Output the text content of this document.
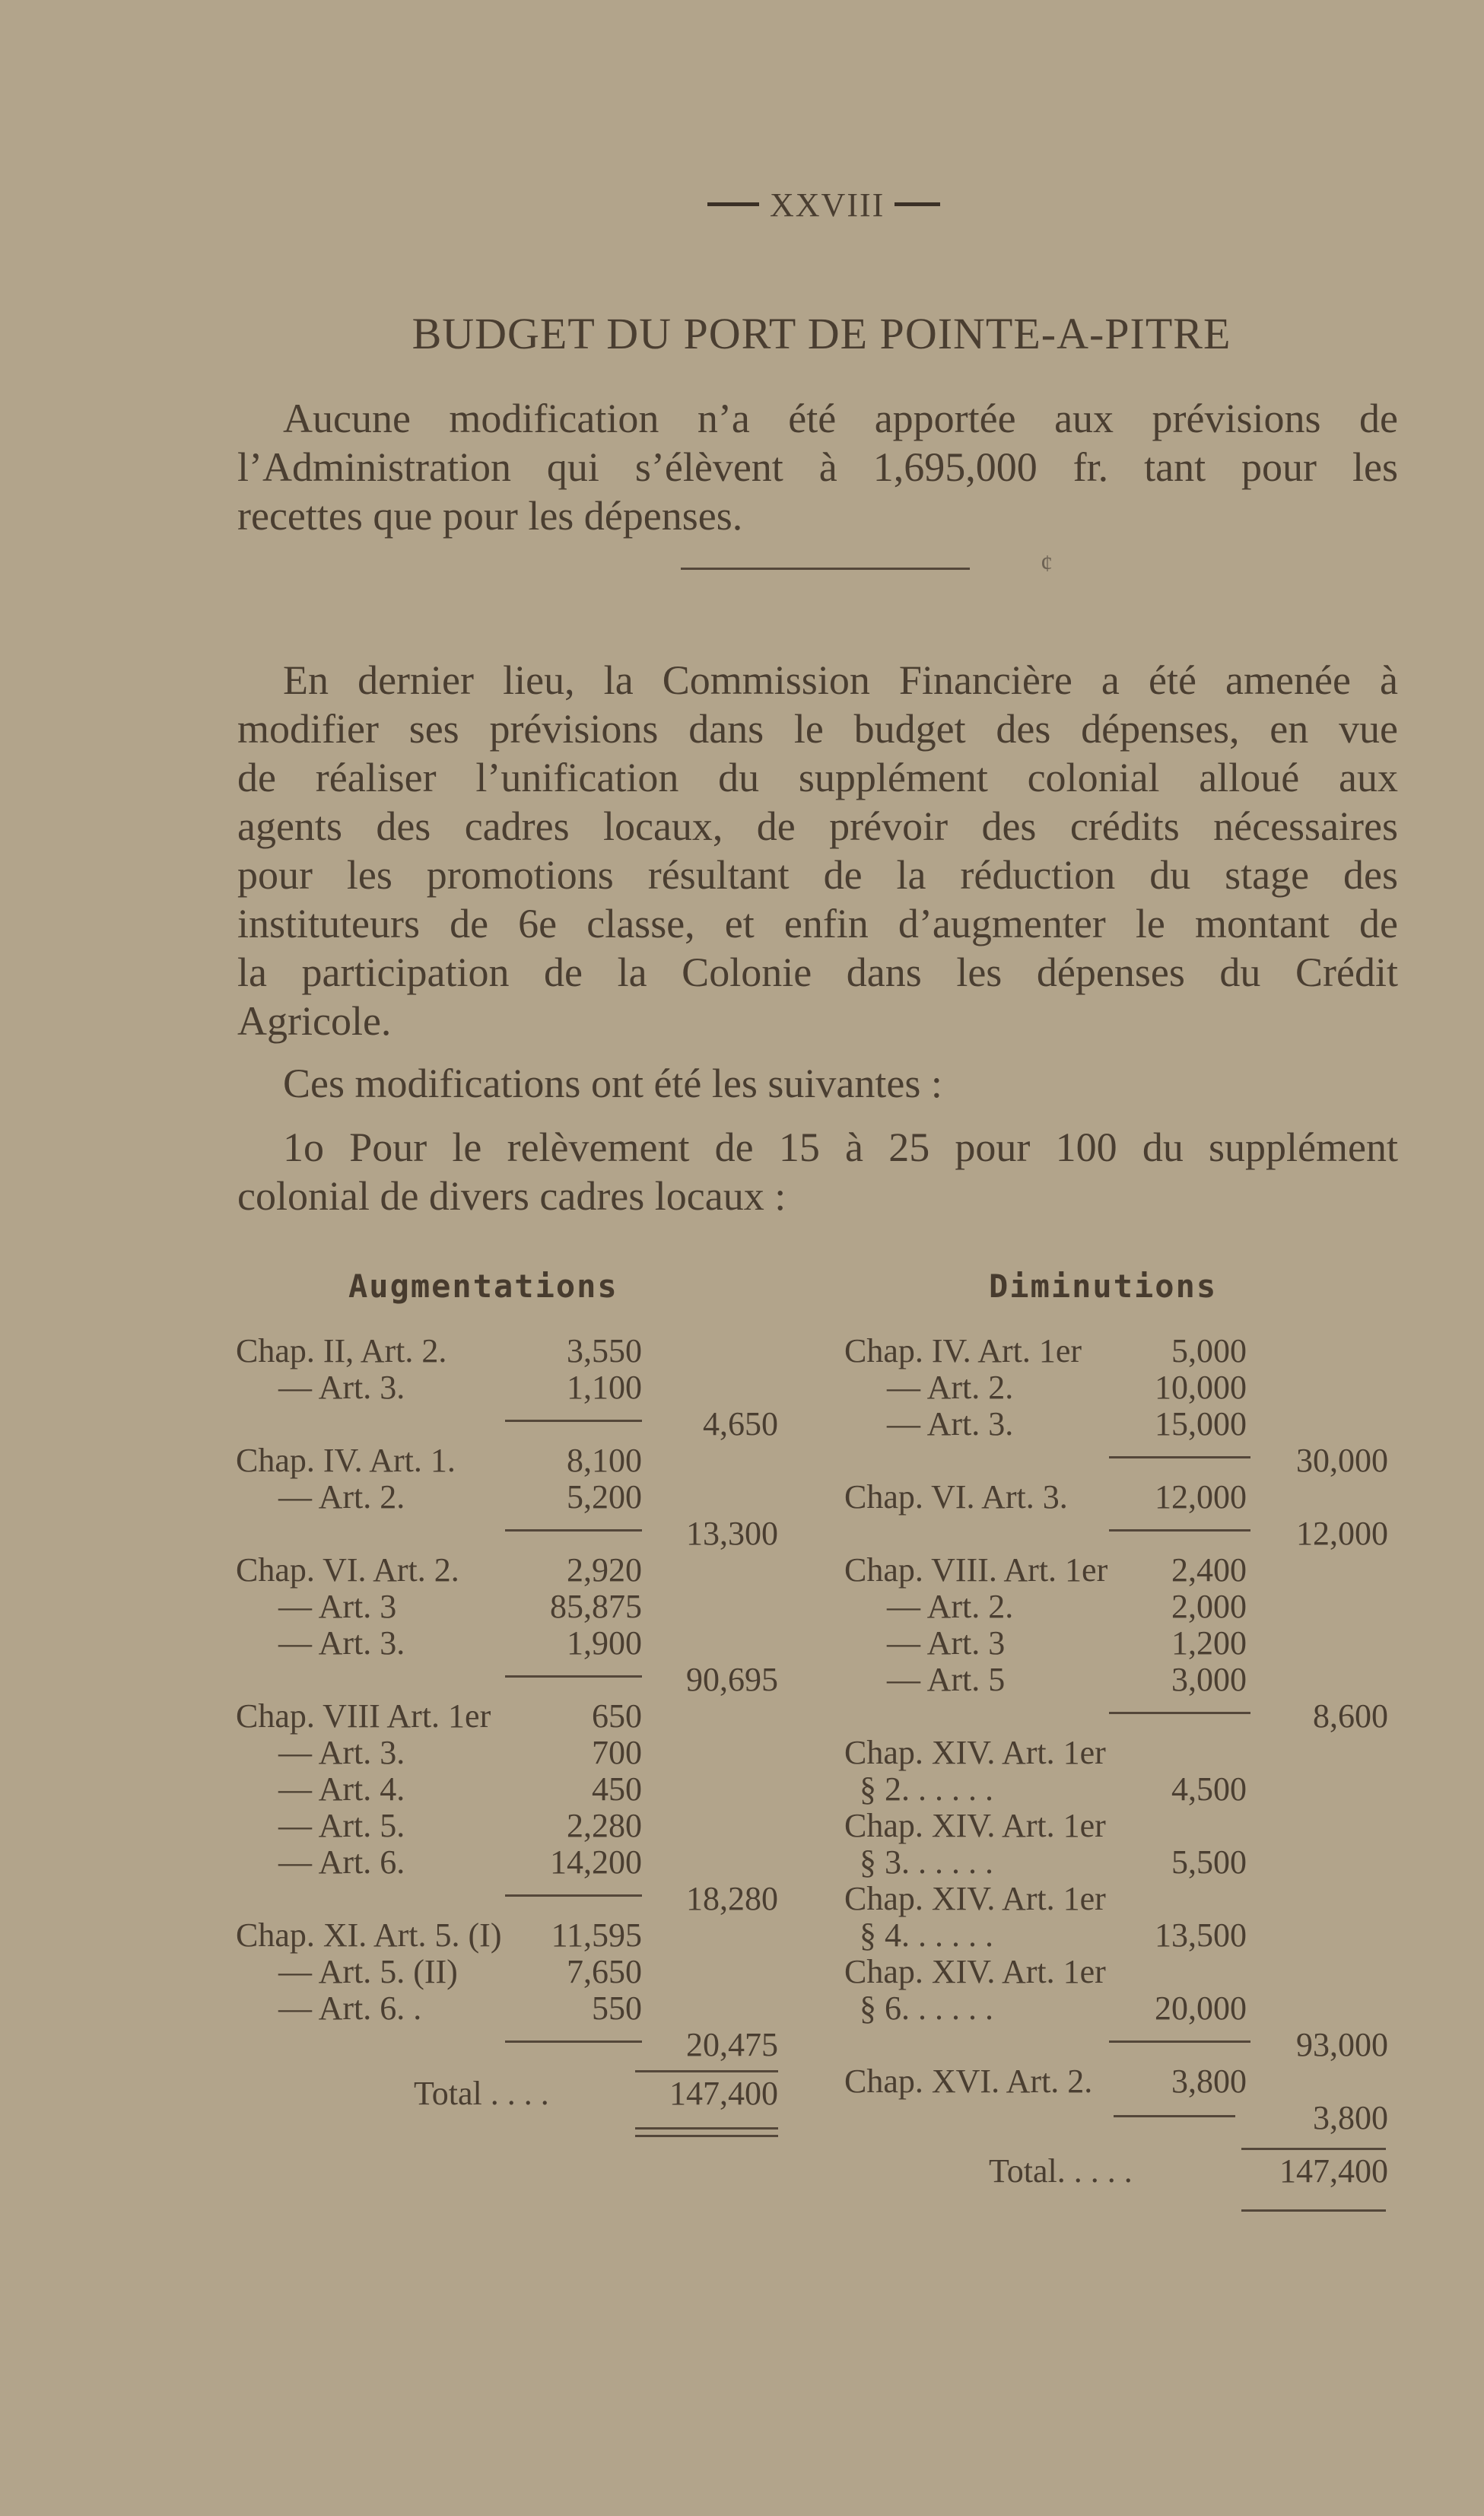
XXVIII
BUDGET DU PORT DE POINTE-A-PITRE

Aucune modification n’a été apportée aux prévisions de

l’Administration qui s’élèvent à 1,695,000 fr. tant pour les

recettes que pour les dépenses.

¢

En dernier lieu, la Commission Financière a été amenée à

modifier ses prévisions dans le budget des dépenses, en vue

de réaliser l’unification du supplément colonial alloué aux

agents des cadres locaux, de prévoir des crédits nécessaires

pour les promotions résultant de la réduction du stage des

instituteurs de 6e classe, et enfin d’augmenter le montant de

la participation de la Colonie dans les dépenses du Crédit

Agricole.

Ces modifications ont été les suivantes :

1o Pour le relèvement de 15 à 25 pour 100 du supplément

colonial de divers cadres locaux :

Augmentations	Diminutions
Chap. II, Art. 2.	3,550
— Art. 3.	1,100
4,650
Chap. IV. Art. 1.	8,100
— Art. 2.	5,200
13,300
Chap. VI. Art. 2.	2,920
— Art. 3	85,875
— Art. 3.	1,900
90,695
Chap. VIII Art. 1er	650
— Art. 3.	700
— Art. 4.	450
— Art. 5.	2,280
— Art. 6.	14,200
18,280
Chap. XI. Art. 5. (I) 11,595
— Art. 5. (II)	7,650
— Art. 6. .	550
20,475
Total . . . .	147,400
Chap. IV. Art. 1er	5,000
— Art. 2.	10,000
— Art. 3.	15,000
30,000
Chap. VI. Art. 3.	12,000
12,000
Chap. VIII. Art. 1er 2,400
— Art. 2.	2,000
— Art. 3	1,200
— Art. 5	3,000
8,600
Chap. XIV. Art. 1er
§ 2. . . . . .	4,500
Chap. XIV. Art. 1er
§ 3. . . . . .	5,500
Chap. XIV. Art. 1er
§ 4. . . . . .	13,500
Chap. XIV. Art. 1er
§ 6. . . . . .	20,000
93,000
Chap. XVI. Art. 2. 3,800
3,800
Total. . . . .	147,400
